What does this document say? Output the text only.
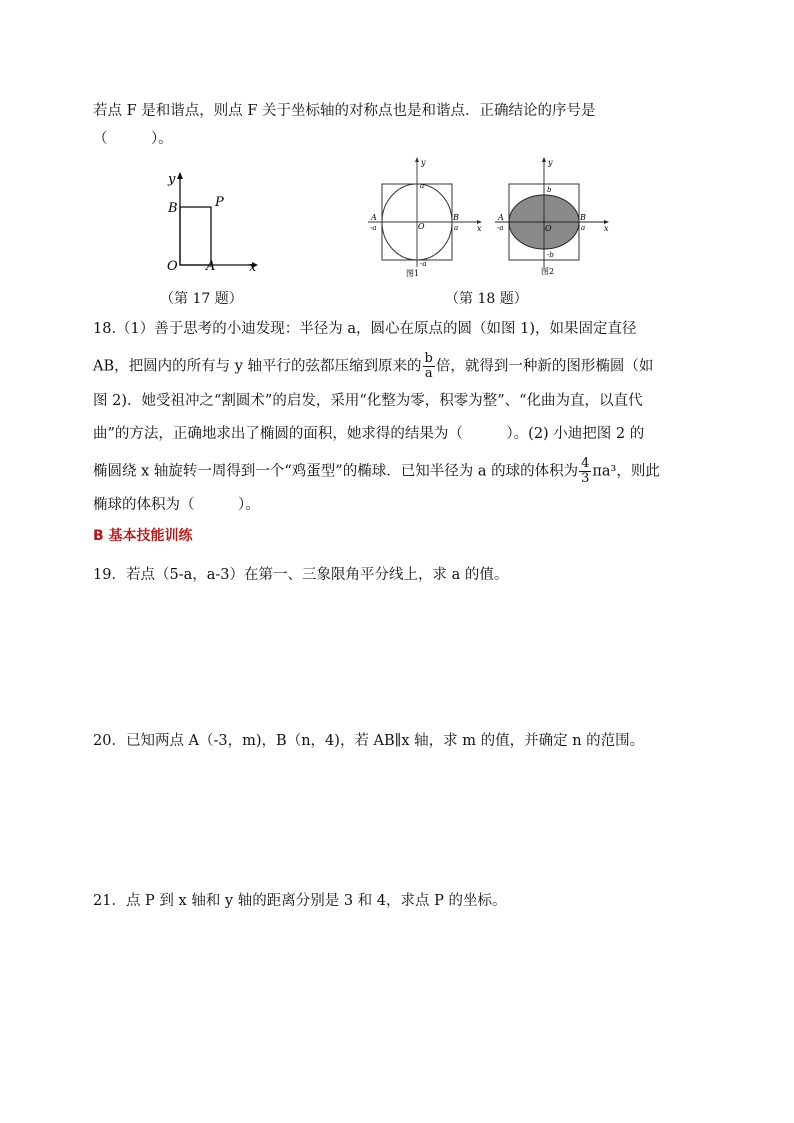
若点 F 是和谐点，则点 F 关于坐标轴的对称点也是和谐点．正确结论的序号是
（　　　）。
y
x
O A
B	P
y
x
O
A	B
a
a
-a
-a
图1
y
x
O
A	B
b
a
-a
-b
图2
（第 17 题）	（第 18 题）
18.（1）善于思考的小迪发现：半径为 a，圆心在原点的圆（如图 1)，如果固定直径
AB，把圆内的所有与 y 轴平行的弦都压缩到原来的 $\frac{b}{a}$ 倍，就得到一种新的图形椭圆（如
图 2)．她受祖冲之“割圆术”的启发，采用“化整为零，积零为整”、“化曲为直，以直代
曲”的方法，正确地求出了椭圆的面积，她求得的结果为（　　　）。(2) 小迪把图 2 的
椭圆绕 x 轴旋转一周得到一个“鸡蛋型”的椭球．已知半径为 a 的球的体积为 $\frac{4}{3} \pi a^3$，则此
椭球的体积为（　　　）。
B 基本技能训练
19．若点（5-a，a-3）在第一、三象限角平分线上，求 a 的值。
20．已知两点 A（-3，m)，B（n，4)，若 AB∥x 轴，求 m 的值，并确定 n 的范围。
21．点 P 到 x 轴和 y 轴的距离分别是 3 和 4，求点 P 的坐标。
